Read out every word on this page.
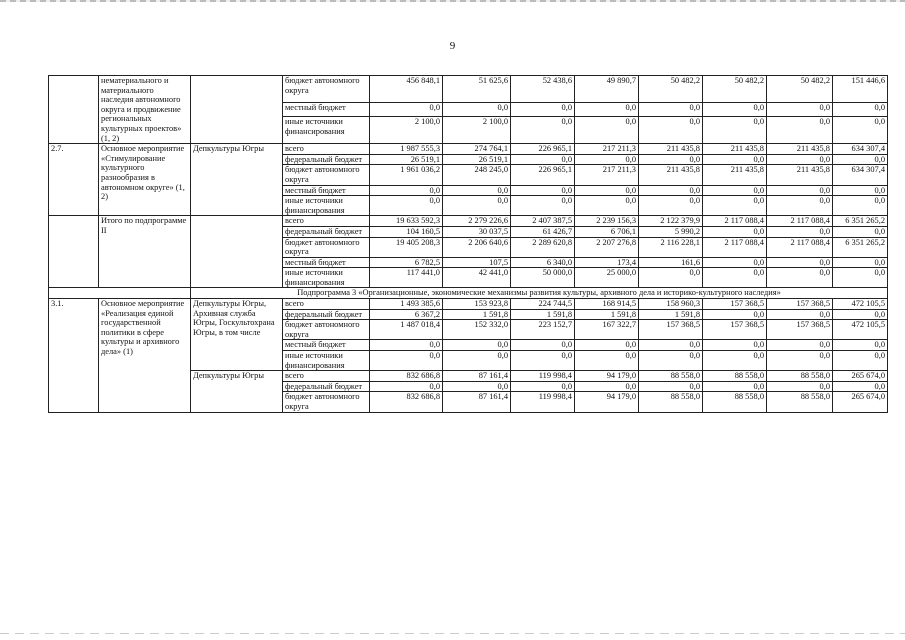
9
	нематериального и материального наследия автономного округа и продвижение региональных культурных проектов» (1, 2)		бюджет автономного округа	456 848,1	51 625,6	52 438,6	49 890,7	50 482,2	50 482,2	50 482,2	151 446,6
			местный бюджет	0,0	0,0	0,0	0,0	0,0	0,0	0,0	0,0
			иные источники финансирования	2 100,0	2 100,0	0,0	0,0	0,0	0,0	0,0	0,0
2.7.	Основное мероприятие «Стимулирование культурного разнообразия в автономном округе» (1, 2)	Депкультуры Югры	всего	1 987 555,3	274 764,1	226 965,1	217 211,3	211 435,8	211 435,8	211 435,8	634 307,4
			федеральный бюджет	26 519,1	26 519,1	0,0	0,0	0,0	0,0	0,0	0,0
			бюджет автономного округа	1 961 036,2	248 245,0	226 965,1	217 211,3	211 435,8	211 435,8	211 435,8	634 307,4
			местный бюджет	0,0	0,0	0,0	0,0	0,0	0,0	0,0	0,0
			иные источники финансирования	0,0	0,0	0,0	0,0	0,0	0,0	0,0	0,0
	Итого по подпрограмме II		всего	19 633 592,3	2 279 226,6	2 407 387,5	2 239 156,3	2 122 379,9	2 117 088,4	2 117 088,4	6 351 265,2
			федеральный бюджет	104 160,5	30 037,5	61 426,7	6 706,1	5 990,2	0,0	0,0	0,0
			бюджет автономного округа	19 405 208,3	2 206 640,6	2 289 620,8	2 207 276,8	2 116 228,1	2 117 088,4	2 117 088,4	6 351 265,2
			местный бюджет	6 782,5	107,5	6 340,0	173,4	161,6	0,0	0,0	0,0
			иные источники финансирования	117 441,0	42 441,0	50 000,0	25 000,0	0,0	0,0	0,0	0,0
		Подпрограмма 3 «Организационные, экономические механизмы развития культуры, архивного дела и историко-культурного наследия»									
3.1.	Основное мероприятие «Реализация единой государственной политики в сфере культуры и архивного дела» (1)	Депкультуры Югры, Архивная служба Югры, Госкультохрана Югры, в том числе	всего	1 493 385,6	153 923,8	224 744,5	168 914,5	158 960,3	157 368,5	157 368,5	472 105,5
			федеральный бюджет	6 367,2	1 591,8	1 591,8	1 591,8	1 591,8	0,0	0,0	0,0
			бюджет автономного округа	1 487 018,4	152 332,0	223 152,7	167 322,7	157 368,5	157 368,5	157 368,5	472 105,5
			местный бюджет	0,0	0,0	0,0	0,0	0,0	0,0	0,0	0,0
			иные источники финансирования	0,0	0,0	0,0	0,0	0,0	0,0	0,0	0,0
		Депкультуры Югры	всего	832 686,8	87 161,4	119 998,4	94 179,0	88 558,0	88 558,0	88 558,0	265 674,0
			федеральный бюджет	0,0	0,0	0,0	0,0	0,0	0,0	0,0	0,0
			бюджет автономного округа	832 686,8	87 161,4	119 998,4	94 179,0	88 558,0	88 558,0	88 558,0	265 674,0
